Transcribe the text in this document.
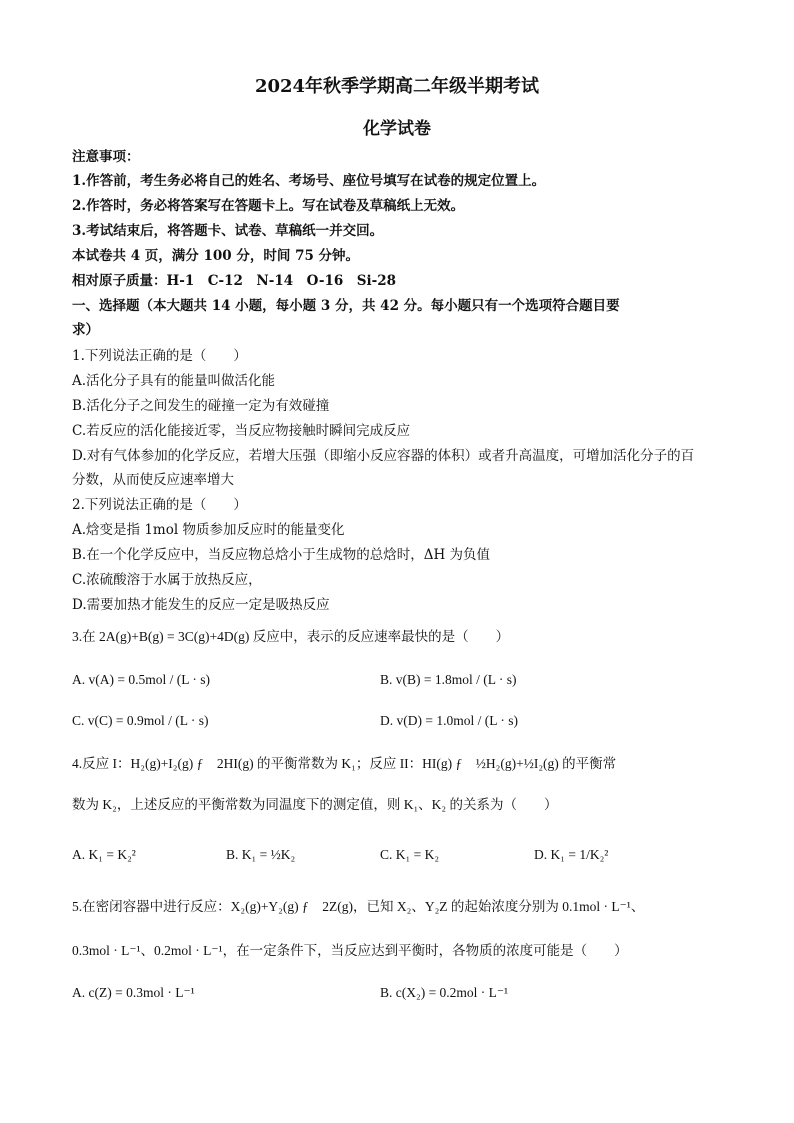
2024年秋季学期高二年级半期考试
化学试卷
注意事项：
1.作答前，考生务必将自己的姓名、考场号、座位号填写在试卷的规定位置上。
2.作答时，务必将答案写在答题卡上。写在试卷及草稿纸上无效。
3.考试结束后，将答题卡、试卷、草稿纸一并交回。
本试卷共 4 页，满分 100 分，时间 75 分钟。
相对原子质量：H-1　C-12　N-14　O-16　Si-28
一、选择题（本大题共 14 小题，每小题 3 分，共 42 分。每小题只有一个选项符合题目要
求）
1.下列说法正确的是（　　）
A.活化分子具有的能量叫做活化能
B.活化分子之间发生的碰撞一定为有效碰撞
C.若反应的活化能接近零，当反应物接触时瞬间完成反应
D.对有气体参加的化学反应，若增大压强（即缩小反应容器的体积）或者升高温度，可增加活化分子的百
分数，从而使反应速率增大
2.下列说法正确的是（　　）
A.焓变是指 1mol 物质参加反应时的能量变化
B.在一个化学反应中，当反应物总焓小于生成物的总焓时，ΔH 为负值
C.浓硫酸溶于水属于放热反应，
D.需要加热才能发生的反应一定是吸热反应
3.在 2A(g)+B(g) = 3C(g)+4D(g) 反应中，表示的反应速率最快的是（　　）
A. v(A) = 0.5mol / (L · s)	B. v(B) = 1.8mol / (L · s)
C. v(C) = 0.9mol / (L · s)	D. v(D) = 1.0mol / (L · s)
4.反应 I：H₂(g)+I₂(g) ƒ　2HI(g) 的平衡常数为 K₁；反应 II：HI(g) ƒ　½H₂(g)+½I₂(g) 的平衡常
数为 K₂，上述反应的平衡常数为同温度下的测定值，则 K₁、K₂ 的关系为（　　）
A. K₁ = K₂²	B. K₁ = ½K₂	C. K₁ = K₂	D. K₁ = 1/K₂²
5.在密闭容器中进行反应：X₂(g)+Y₂(g) ƒ　2Z(g)，已知 X₂、Y₂Z 的起始浓度分别为 0.1mol · L⁻¹、
0.3mol · L⁻¹、0.2mol · L⁻¹，在一定条件下，当反应达到平衡时，各物质的浓度可能是（　　）
A. c(Z) = 0.3mol · L⁻¹	B. c(X₂) = 0.2mol · L⁻¹
